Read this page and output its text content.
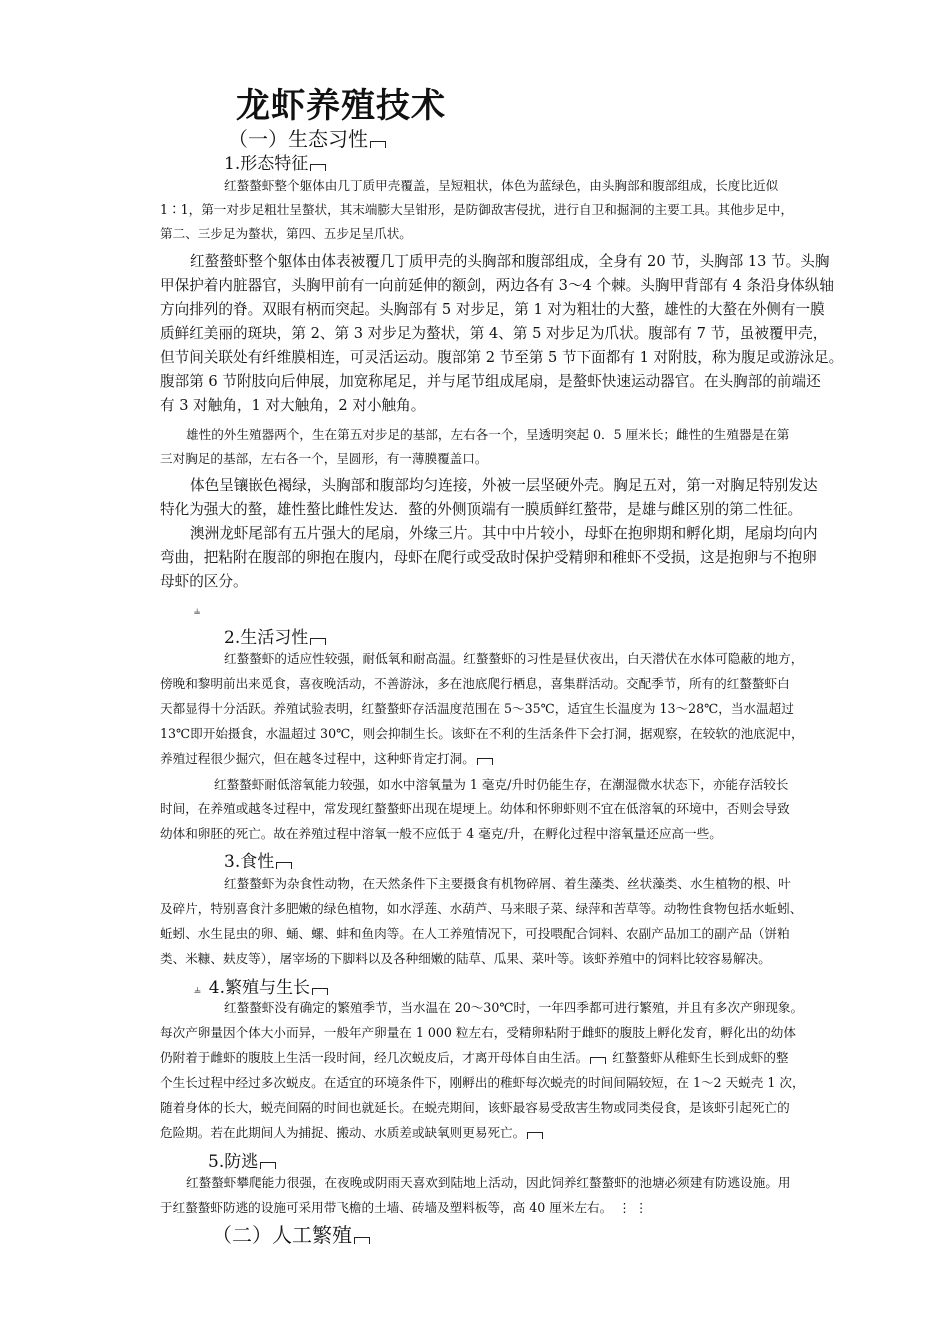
龙虾养殖技术
（一）生态习性
1.形态特征
红螯螯虾整个躯体由几丁质甲壳覆盖，呈短粗状，体色为蓝绿色，由头胸部和腹部组成，长度比近似
1∶1，第一对步足粗壮呈螯状，其末端膨大呈钳形，是防御敌害侵扰，进行自卫和掘洞的主要工具。其他步足中，
第二、三步足为螯状，第四、五步足呈爪状。
红螯螯虾整个躯体由体表被覆几丁质甲壳的头胸部和腹部组成，全身有 20 节，头胸部 13 节。头胸
甲保护着内脏器官，头胸甲前有一向前延伸的额剑，两边各有 3～4 个棘。头胸甲背部有 4 条沿身体纵轴
方向排列的脊。双眼有柄而突起。头胸部有 5 对步足，第 1 对为粗壮的大螯，雄性的大螯在外侧有一膜
质鲜红美丽的斑块，第 2、第 3 对步足为螯状，第 4、第 5 对步足为爪状。腹部有 7 节，虽被覆甲壳，
但节间关联处有纤维膜相连，可灵活运动。腹部第 2 节至第 5 节下面都有 1 对附肢，称为腹足或游泳足。
腹部第 6 节附肢向后伸展，加宽称尾足，并与尾节组成尾扇，是螯虾快速运动器官。在头胸部的前端还
有 3 对触角，1 对大触角，2 对小触角。
雄性的外生殖器两个，生在第五对步足的基部，左右各一个，呈透明突起 0．5 厘米长；雌性的生殖器是在第
三对胸足的基部，左右各一个，呈圆形，有一薄膜覆盖口。
体色呈镶嵌色褐绿，头胸部和腹部均匀连接，外被一层坚硬外壳。胸足五对，第一对胸足特别发达
特化为强大的螯，雄性螯比雌性发达．螯的外侧顶端有一膜质鲜红螯带，是雄与雌区别的第二性征。
澳洲龙虾尾部有五片强大的尾扇，外缘三片。其中中片较小，母虾在抱卵期和孵化期，尾扇均向内
弯曲，把粘附在腹部的卵抱在腹内，母虾在爬行或受敌时保护受精卵和稚虾不受损，这是抱卵与不抱卵
母虾的区分。
⫨
2.生活习性
红螯螯虾的适应性较强，耐低氧和耐高温。红螯螯虾的习性是昼伏夜出，白天潜伏在水体可隐蔽的地方，
傍晚和黎明前出来觅食，喜夜晚活动，不善游泳，多在池底爬行栖息，喜集群活动。交配季节，所有的红螯螯虾白
天都显得十分活跃。养殖试验表明，红螯螯虾存活温度范围在 5～35℃，适宜生长温度为 13～28℃，当水温超过
13℃即开始摄食，水温超过 30℃，则会抑制生长。该虾在不利的生活条件下会打洞，据观察，在较软的池底泥中，
养殖过程很少掘穴，但在越冬过程中，这种虾肯定打洞。
红螯螯虾耐低溶氧能力较强，如水中溶氧量为 1 毫克/升时仍能生存，在潮湿微水状态下，亦能存活较长
时间，在养殖或越冬过程中，常发现红螯螯虾出现在堤埂上。幼体和怀卵虾则不宜在低溶氧的环境中，否则会导致
幼体和卵胚的死亡。故在养殖过程中溶氧一般不应低于 4 毫克/升，在孵化过程中溶氧量还应高一些。
3.食性
红螯螯虾为杂食性动物，在天然条件下主要摄食有机物碎屑、着生藻类、丝状藻类、水生植物的根、叶
及碎片，特别喜食汁多肥嫩的绿色植物，如水浮莲、水葫芦、马来眼子菜、绿萍和苦草等。动物性食物包括水蚯蚓、
蚯蚓、水生昆虫的卵、蛹、螺、蚌和鱼肉等。在人工养殖情况下，可投喂配合饲料、农副产品加工的副产品（饼粕
类、米糠、麸皮等），屠宰场的下脚料以及各种细嫩的陆草、瓜果、菜叶等。该虾养殖中的饲料比较容易解决。
⫨ 4.繁殖与生长
红螯螯虾没有确定的繁殖季节，当水温在 20～30℃时，一年四季都可进行繁殖，并且有多次产卵现象。
每次产卵量因个体大小而异，一般年产卵量在 1 000 粒左右，受精卵粘附于雌虾的腹肢上孵化发育，孵化出的幼体
仍附着于雌虾的腹肢上生活一段时间，经几次蜕皮后，才离开母体自由生活。 红螯螯虾从稚虾生长到成虾的整
个生长过程中经过多次蜕皮。在适宜的环境条件下，刚孵出的稚虾每次蜕壳的时间间隔较短，在 1～2 天蜕壳 1 次，
随着身体的长大，蜕壳间隔的时间也就延长。在蜕壳期间，该虾最容易受敌害生物或同类侵食，是该虾引起死亡的
危险期。若在此期间人为捕捉、搬动、水质差或缺氧则更易死亡。
5.防逃
红螯螯虾攀爬能力很强，在夜晚或阴雨天喜欢到陆地上活动，因此饲养红螯螯虾的池塘必须建有防逃设施。用
于红螯螯虾防逃的设施可采用带飞檐的土墙、砖墙及塑料板等，高 40 厘米左右。 ⋮ ⋮
（二）人工繁殖
